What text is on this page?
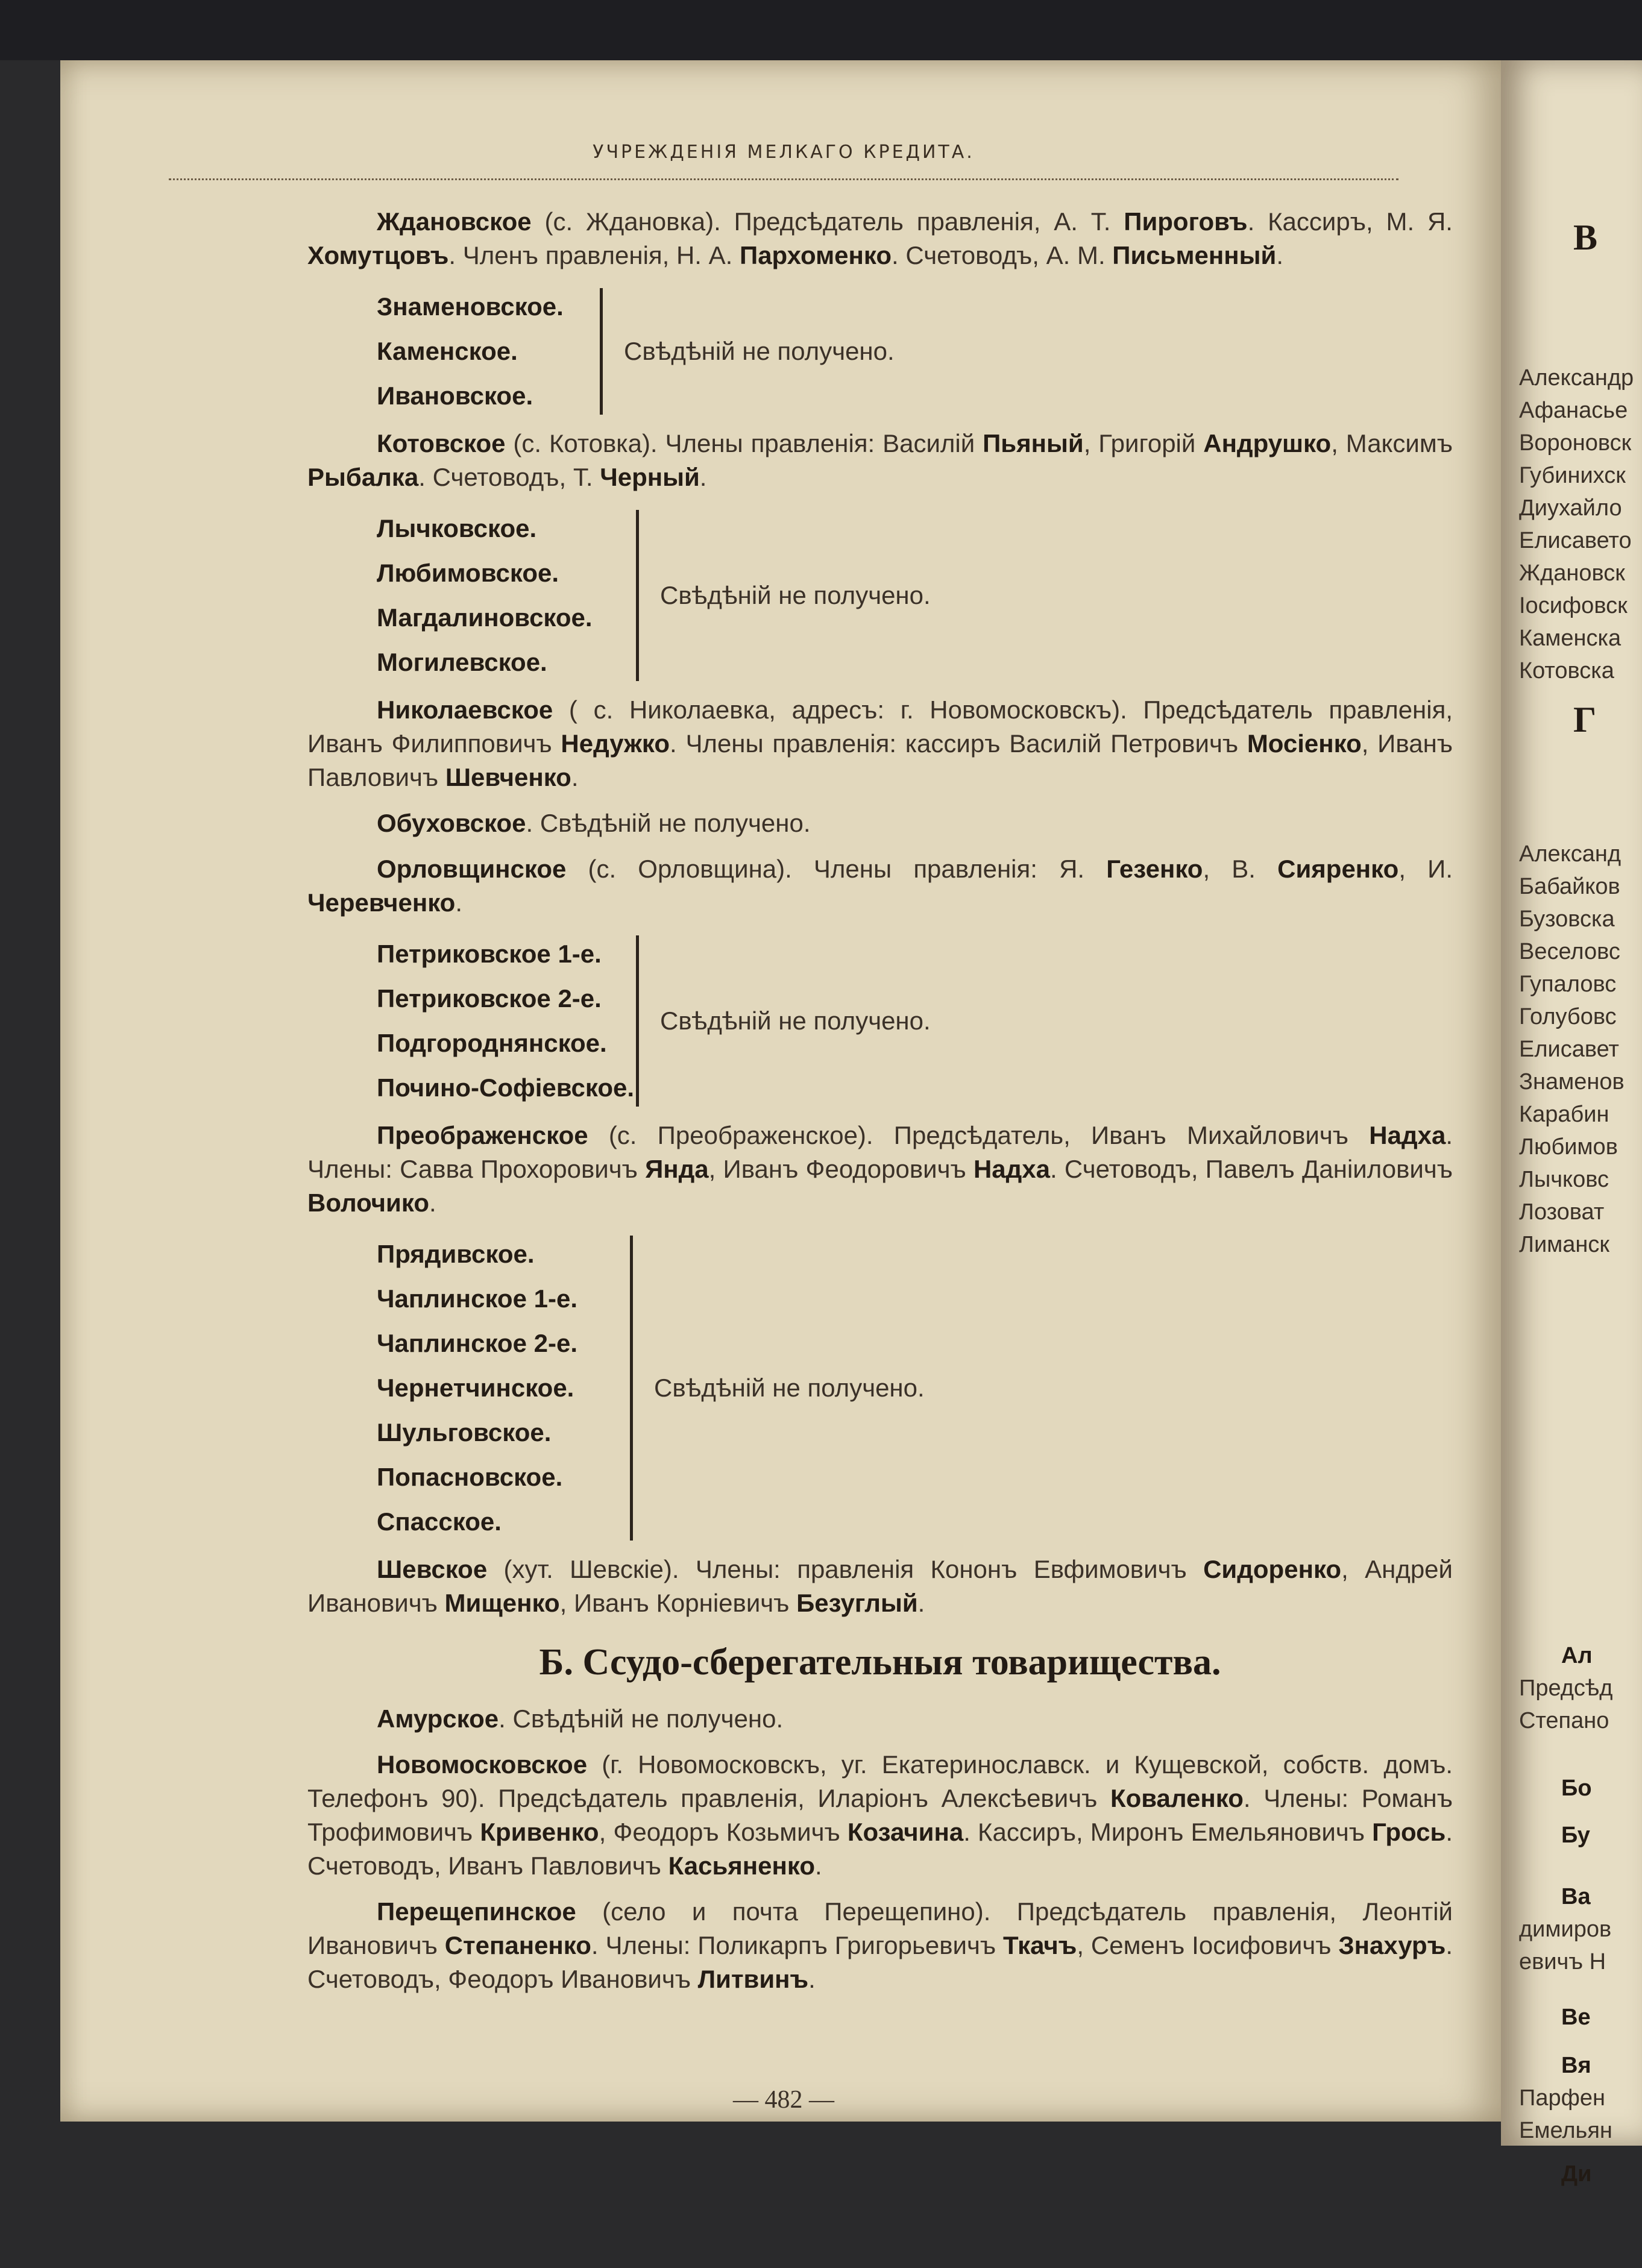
УЧРЕЖДЕНІЯ МЕЛКАГО КРЕДИТА.
— 482 —

Ждановское (с. Ждановка). Предсѣдатель правленія, А. Т. Пироговъ. Кассиръ, М. Я. Хомутцовъ. Членъ правленія, Н. А. Пархоменко. Счетоводъ, А. М. Письменный.

Знаменовское.
Каменское.
Ивановское.
Свѣдѣній не получено.

Котовское (с. Котовка). Члены правленія: Василій Пьяный, Григорій Андрушко, Максимъ Рыбалка. Счетоводъ, Т. Черный.

Лычковское.
Любимовское.
Магдалиновское.
Могилевское.
Свѣдѣній не получено.

Николаевское ( с. Николаевка, адресъ: г. Новомосковскъ). Предсѣдатель правленія, Иванъ Филипповичъ Недужко. Члены правленія: кассиръ Василій Петровичъ Мосіенко, Иванъ Павловичъ Шевченко.

Обуховское. Свѣдѣній не получено.

Орловщинское (с. Орловщина). Члены правленія: Я. Гезенко, В. Сияренко, И. Черевченко.

Петриковское 1-е.
Петриковское 2-е.
Подгороднянское.
Почино-Софіевское.
Свѣдѣній не получено.

Преображенское (с. Преображенское). Предсѣдатель, Иванъ Михайловичъ Надха. Члены: Савва Прохоровичъ Янда, Иванъ Феодоровичъ Надха. Счетоводъ, Павелъ Даніиловичъ Волочико.

Прядивское.
Чаплинское 1-е.
Чаплинское 2-е.
Чернетчинское.
Шульговское.
Попасновское.
Спасское.
Свѣдѣній не получено.

Шевское (хут. Шевскіе). Члены: правленія Кононъ Евфимовичъ Сидоренко, Андрей Ивановичъ Мищенко, Иванъ Корніевичъ Безуглый.

Б. Ссудо-сберегательныя товарищества.

Амурское. Свѣдѣній не получено.

Новомосковское (г. Новомосковскъ, уг. Екатеринославск. и Кущевской, собств. домъ. Телефонъ 90). Предсѣдатель правленія, Иларіонъ Алексѣевичъ Коваленко. Члены: Романъ Трофимовичъ Кривенко, Феодоръ Козьмичъ Козачина. Кассиръ, Миронъ Емельяновичъ Грось. Счетоводъ, Иванъ Павловичъ Касьяненко.

Перещепинское (село и почта Перещепино). Предсѣдатель правленія, Леонтій Ивановичъ Степаненко. Члены: Поликарпъ Григорьевичъ Ткачъ, Семенъ Іосифовичъ Знахуръ. Счетоводъ, Феодоръ Ивановичъ Литвинъ.

В
Александр
Афанасье
Вороновск
Губинихск
Диухайло
Елисавето
Ждановск
Іосифовск
Каменска
Котовска
Г
Александ
Бабайков
Бузовска
Веселовс
Гупаловс
Голубовс
Елисавет
Знаменов
Карабин
Любимов
Лычковс
Лозоват
Лиманск
Ал
Предсѣд
Степано
Бо
Бу
Ва
димиров
евичъ Н
Ве
Вя
Парфен
Емельян
Ди
